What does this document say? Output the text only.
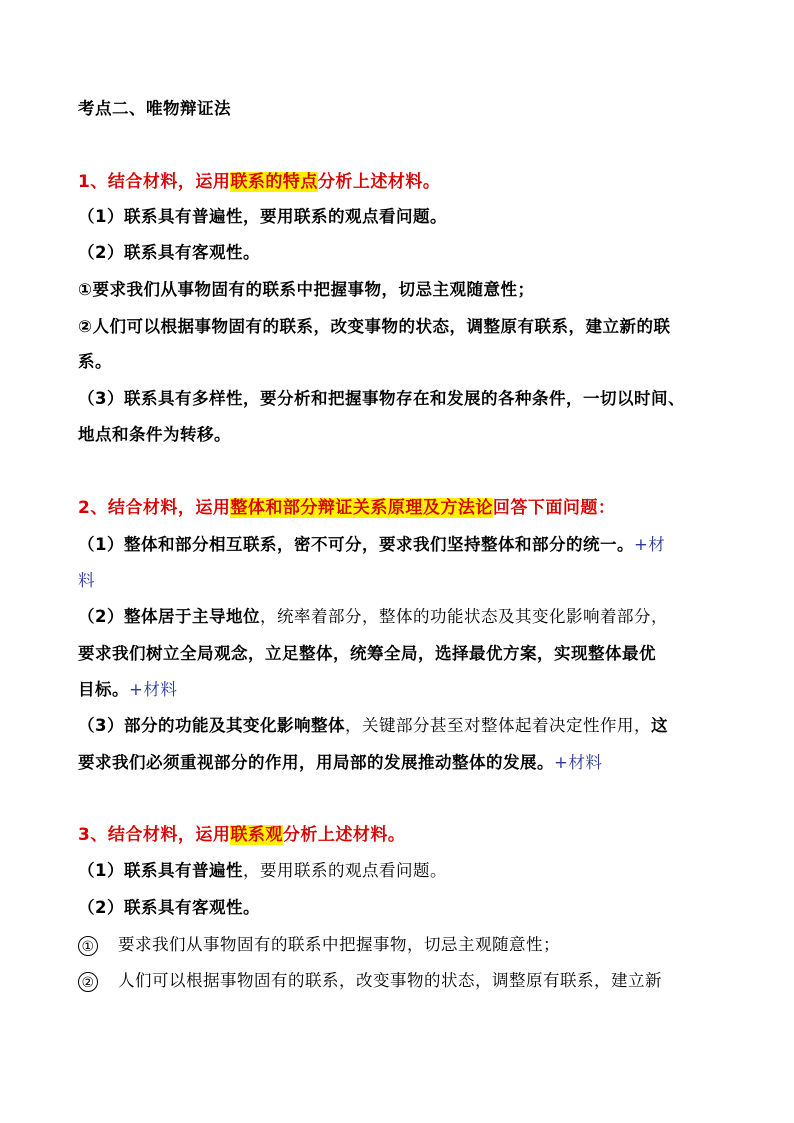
考点二、唯物辩证法
1、结合材料，运用联系的特点分析上述材料。
（1）联系具有普遍性，要用联系的观点看问题。
（2）联系具有客观性。
①要求我们从事物固有的联系中把握事物，切忌主观随意性；
②人们可以根据事物固有的联系，改变事物的状态，调整原有联系，建立新的联
系。
（3）联系具有多样性，要分析和把握事物存在和发展的各种条件，一切以时间、
地点和条件为转移。
2、结合材料，运用整体和部分辩证关系原理及方法论回答下面问题：
（1）整体和部分相互联系，密不可分，要求我们坚持整体和部分的统一。+材
料
（2）整体居于主导地位，统率着部分，整体的功能状态及其变化影响着部分，
要求我们树立全局观念，立足整体，统筹全局，选择最优方案，实现整体最优
目标。+材料
（3）部分的功能及其变化影响整体，关键部分甚至对整体起着决定性作用，这
要求我们必须重视部分的作用，用局部的发展推动整体的发展。+材料
3、结合材料，运用联系观分析上述材料。
（1）联系具有普遍性，要用联系的观点看问题。
（2）联系具有客观性。
① 要求我们从事物固有的联系中把握事物，切忌主观随意性；
② 人们可以根据事物固有的联系，改变事物的状态，调整原有联系，建立新
